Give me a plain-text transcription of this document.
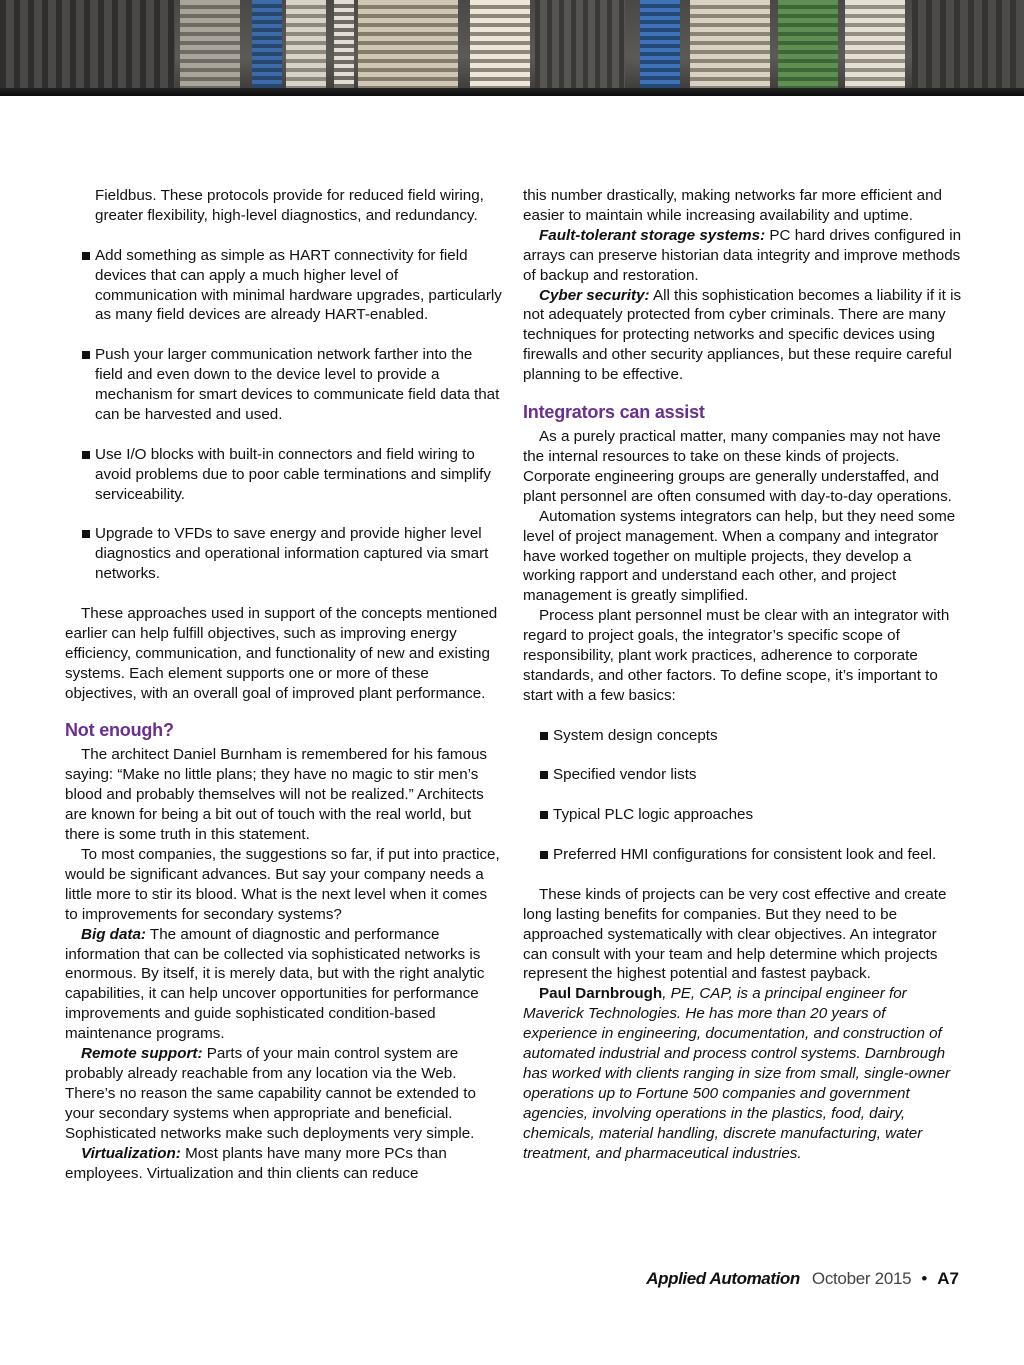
Fieldbus. These protocols provide for reduced field wiring, greater flexibility, high-level diagnostics, and redundancy.

Add something as simple as HART connectivity for field devices that can apply a much higher level of communication with minimal hardware upgrades, particularly as many field devices are already HART-enabled.
Push your larger communication network farther into the field and even down to the device level to provide a mechanism for smart devices to communicate field data that can be harvested and used.
Use I/O blocks with built-in connectors and field wiring to avoid problems due to poor cable terminations and simplify serviceability.
Upgrade to VFDs to save energy and provide higher level diagnostics and operational information captured via smart networks.

These approaches used in support of the concepts mentioned earlier can help fulfill objectives, such as improving energy efficiency, communication, and functionality of new and existing systems. Each element supports one or more of these objectives, with an overall goal of improved plant performance.

Not enough?

The architect Daniel Burnham is remembered for his famous saying: “Make no little plans; they have no magic to stir men’s blood and probably themselves will not be realized.” Architects are known for being a bit out of touch with the real world, but there is some truth in this statement.

To most companies, the suggestions so far, if put into practice, would be significant advances. But say your company needs a little more to stir its blood. What is the next level when it comes to improvements for secondary systems?

Big data: The amount of diagnostic and performance information that can be collected via sophisticated networks is enormous. By itself, it is merely data, but with the right analytic capabilities, it can help uncover opportunities for performance improvements and guide sophisticated condition-based maintenance programs.

Remote support: Parts of your main control system are probably already reachable from any location via the Web. There’s no reason the same capability cannot be extended to your secondary systems when appropriate and beneficial. Sophisticated networks make such deployments very simple.

Virtualization: Most plants have many more PCs than employees. Virtualization and thin clients can reduce

this number drastically, making networks far more efficient and easier to maintain while increasing availability and uptime.

Fault-tolerant storage systems: PC hard drives configured in arrays can preserve historian data integrity and improve methods of backup and restoration.

Cyber security: All this sophistication becomes a liability if it is not adequately protected from cyber criminals. There are many techniques for protecting networks and specific devices using firewalls and other security appliances, but these require careful planning to be effective.

Integrators can assist

As a purely practical matter, many companies may not have the internal resources to take on these kinds of projects. Corporate engineering groups are generally understaffed, and plant personnel are often consumed with day-to-day operations.

Automation systems integrators can help, but they need some level of project management. When a company and integrator have worked together on multiple projects, they develop a working rapport and understand each other, and project management is greatly simplified.

Process plant personnel must be clear with an integrator with regard to project goals, the integrator’s specific scope of responsibility, plant work practices, adherence to corporate standards, and other factors. To define scope, it’s important to start with a few basics:

System design concepts
Specified vendor lists
Typical PLC logic approaches
Preferred HMI configurations for consistent look and feel.

These kinds of projects can be very cost effective and create long lasting benefits for companies. But they need to be approached systematically with clear objectives. An integrator can consult with your team and help determine which projects represent the highest potential and fastest payback.

Paul Darnbrough, PE, CAP, is a principal engineer for Maverick Technologies. He has more than 20 years of experience in engineering, documentation, and construction of automated industrial and process control systems. Darnbrough has worked with clients ranging in size from small, single-owner operations up to Fortune 500 companies and government agencies, involving operations in the plastics, food, dairy, chemicals, material handling, discrete manufacturing, water treatment, and pharmaceutical industries.

Applied Automation October 2015 • A7
